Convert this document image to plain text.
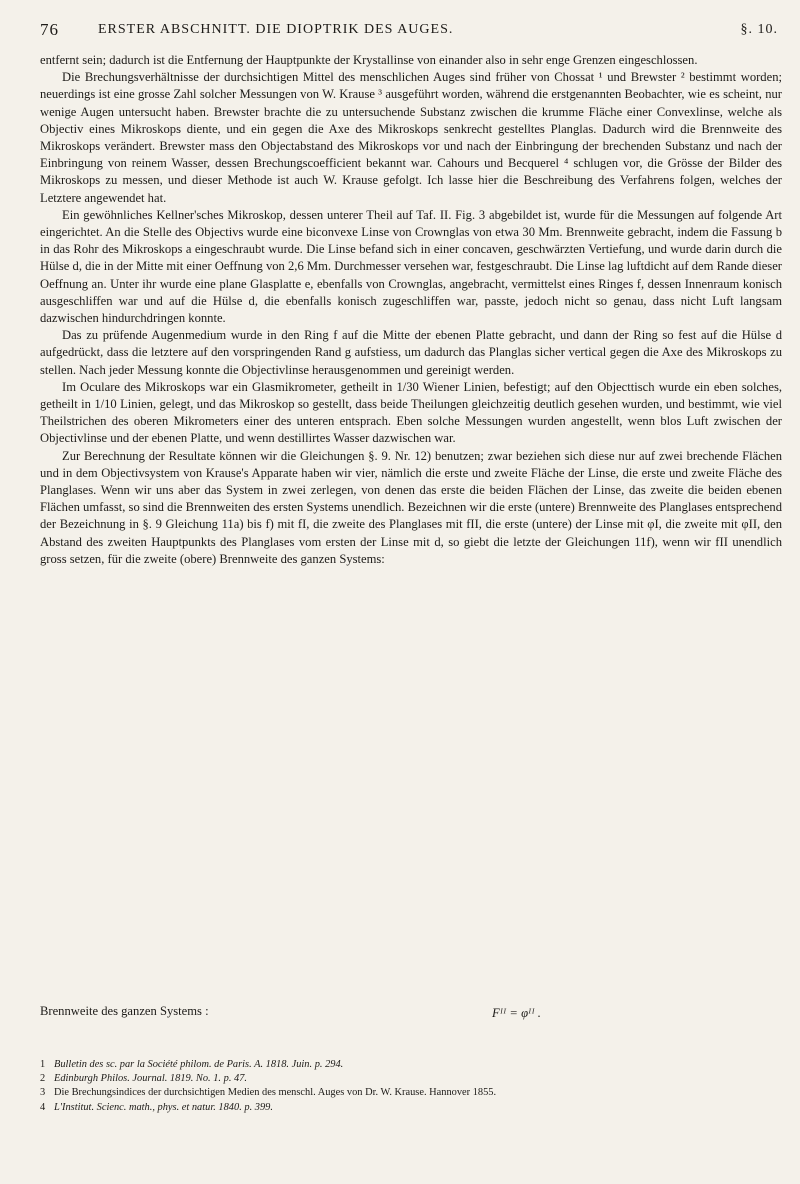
76	ERSTER ABSCHNITT. DIE DIOPTRIK DES AUGES.	§. 10.

entfernt sein; dadurch ist die Entfernung der Hauptpunkte der Krystallinse von einander also in sehr enge Grenzen eingeschlossen.

Die Brechungsverhältnisse der durchsichtigen Mittel des menschlichen Auges sind früher von Chossat ¹ und Brewster ² bestimmt worden; neuerdings ist eine grosse Zahl solcher Messungen von W. Krause ³ ausgeführt worden, während die erstgenannten Beobachter, wie es scheint, nur wenige Augen untersucht haben. Brewster brachte die zu untersuchende Substanz zwischen die krumme Fläche einer Convexlinse, welche als Objectiv eines Mikroskops diente, und ein gegen die Axe des Mikroskops senkrecht gestelltes Planglas. Dadurch wird die Brennweite des Mikroskops verändert. Brewster mass den Objectabstand des Mikroskops vor und nach der Einbringung der brechenden Substanz und nach der Einbringung von reinem Wasser, dessen Brechungscoefficient bekannt war. Cahours und Becquerel ⁴ schlugen vor, die Grösse der Bilder des Mikroskops zu messen, und dieser Methode ist auch W. Krause gefolgt. Ich lasse hier die Beschreibung des Verfahrens folgen, welches der Letztere angewendet hat.

Ein gewöhnliches Kellner'sches Mikroskop, dessen unterer Theil auf Taf. II. Fig. 3 abgebildet ist, wurde für die Messungen auf folgende Art eingerichtet. An die Stelle des Objectivs wurde eine biconvexe Linse von Crownglas von etwa 30 Mm. Brennweite gebracht, indem die Fassung b in das Rohr des Mikroskops a eingeschraubt wurde. Die Linse befand sich in einer concaven, geschwärzten Vertiefung, und wurde darin durch die Hülse d, die in der Mitte mit einer Oeffnung von 2,6 Mm. Durchmesser versehen war, festgeschraubt. Die Linse lag luftdicht auf dem Rande dieser Oeffnung an. Unter ihr wurde eine plane Glasplatte e, ebenfalls von Crownglas, angebracht, vermittelst eines Ringes f, dessen Innenraum konisch ausgeschliffen war und auf die Hülse d, die ebenfalls konisch zugeschliffen war, passte, jedoch nicht so genau, dass nicht Luft langsam dazwischen hindurchdringen konnte.

Das zu prüfende Augenmedium wurde in den Ring f auf die Mitte der ebenen Platte gebracht, und dann der Ring so fest auf die Hülse d aufgedrückt, dass die letztere auf den vorspringenden Rand g aufstiess, um dadurch das Planglas sicher vertical gegen die Axe des Mikroskops zu stellen. Nach jeder Messung konnte die Objectivlinse herausgenommen und gereinigt werden.

Im Oculare des Mikroskops war ein Glasmikrometer, getheilt in 1/30 Wiener Linien, befestigt; auf den Objecttisch wurde ein eben solches, getheilt in 1/10 Linien, gelegt, und das Mikroskop so gestellt, dass beide Theilungen gleichzeitig deutlich gesehen wurden, und bestimmt, wie viel Theilstrichen des oberen Mikrometers einer des unteren entsprach. Eben solche Messungen wurden angestellt, wenn blos Luft zwischen der Objectivlinse und der ebenen Platte, und wenn destillirtes Wasser dazwischen war.

Zur Berechnung der Resultate können wir die Gleichungen §. 9. Nr. 12) benutzen; zwar beziehen sich diese nur auf zwei brechende Flächen und in dem Objectivsystem von Krause's Apparate haben wir vier, nämlich die erste und zweite Fläche der Linse, die erste und zweite Fläche des Planglases. Wenn wir uns aber das System in zwei zerlegen, von denen das erste die beiden Flächen der Linse, das zweite die beiden ebenen Flächen umfasst, so sind die Brennweiten des ersten Systems unendlich. Bezeichnen wir die erste (untere) Brennweite des Planglases entsprechend der Bezeichnung in §. 9 Gleichung 11a) bis f) mit fI, die zweite des Planglases mit fII, die erste (untere) der Linse mit φI, die zweite mit φII, den Abstand des zweiten Hauptpunkts des Planglases vom ersten der Linse mit d, so giebt die letzte der Gleichungen 11f), wenn wir fII unendlich gross setzen, für die zweite (obere) Brennweite des ganzen Systems:

Brennweite des ganzen Systems :	Fᴵᴵ = φᴵᴵ .
1 Bulletin des sc. par la Société philom. de Paris. A. 1818. Juin. p. 294.
2 Edinburgh Philos. Journal. 1819. No. 1. p. 47.
3 Die Brechungsindices der durchsichtigen Medien des menschl. Auges von Dr. W. Krause. Hannover 1855.
4 L'Institut. Scienc. math., phys. et natur. 1840. p. 399.
